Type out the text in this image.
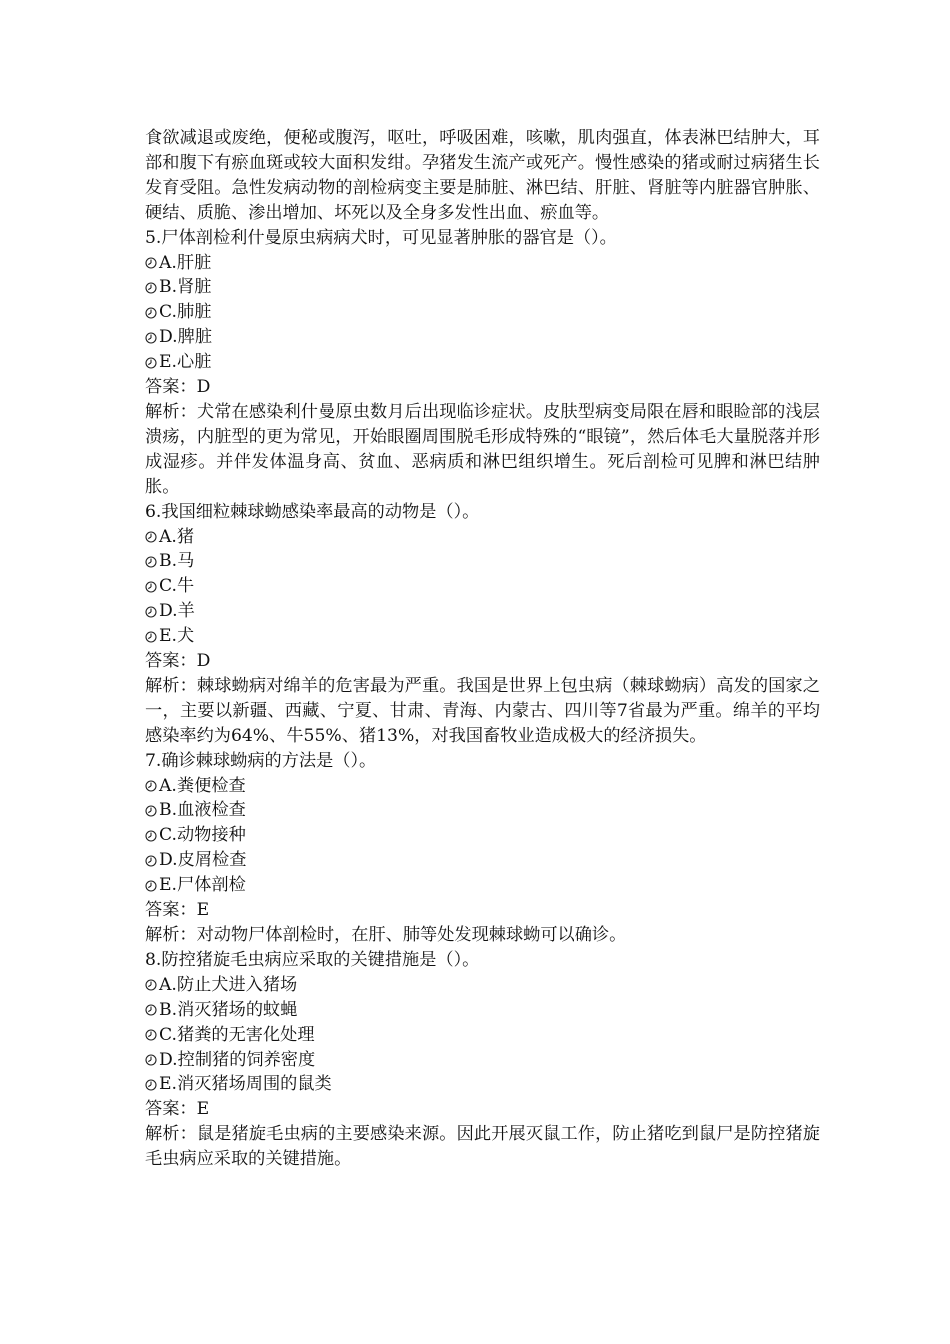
食欲减退或废绝，便秘或腹泻，呕吐，呼吸困难，咳嗽，肌肉强直，体表淋巴结肿大，耳部和腹下有瘀血斑或较大面积发绀。孕猪发生流产或死产。慢性感染的猪或耐过病猪生长发育受阻。急性发病动物的剖检病变主要是肺脏、淋巴结、肝脏、肾脏等内脏器官肿胀、硬结、质脆、渗出增加、坏死以及全身多发性出血、瘀血等。

5.尸体剖检利什曼原虫病病犬时，可见显著肿胀的器官是（）。

A.肝脏
B.肾脏
C.肺脏
D.脾脏
E.心脏

答案：D

解析：犬常在感染利什曼原虫数月后出现临诊症状。皮肤型病变局限在唇和眼睑部的浅层溃疡，内脏型的更为常见，开始眼圈周围脱毛形成特殊的“眼镜”，然后体毛大量脱落并形成湿疹。并伴发体温身高、贫血、恶病质和淋巴组织增生。死后剖检可见脾和淋巴结肿胀。

6.我国细粒棘球蚴感染率最高的动物是（）。

A.猪
B.马
C.牛
D.羊
E.犬

答案：D

解析：棘球蚴病对绵羊的危害最为严重。我国是世界上包虫病（棘球蚴病）高发的国家之一，主要以新疆、西藏、宁夏、甘肃、青海、内蒙古、四川等7省最为严重。绵羊的平均感染率约为64%、牛55%、猪13%，对我国畜牧业造成极大的经济损失。

7.确诊棘球蚴病的方法是（）。

A.粪便检查
B.血液检查
C.动物接种
D.皮屑检查
E.尸体剖检

答案：E

解析：对动物尸体剖检时，在肝、肺等处发现棘球蚴可以确诊。

8.防控猪旋毛虫病应采取的关键措施是（）。

A.防止犬进入猪场
B.消灭猪场的蚊蝇
C.猪粪的无害化处理
D.控制猪的饲养密度
E.消灭猪场周围的鼠类

答案：E

解析：鼠是猪旋毛虫病的主要感染来源。因此开展灭鼠工作，防止猪吃到鼠尸是防控猪旋毛虫病应采取的关键措施。
